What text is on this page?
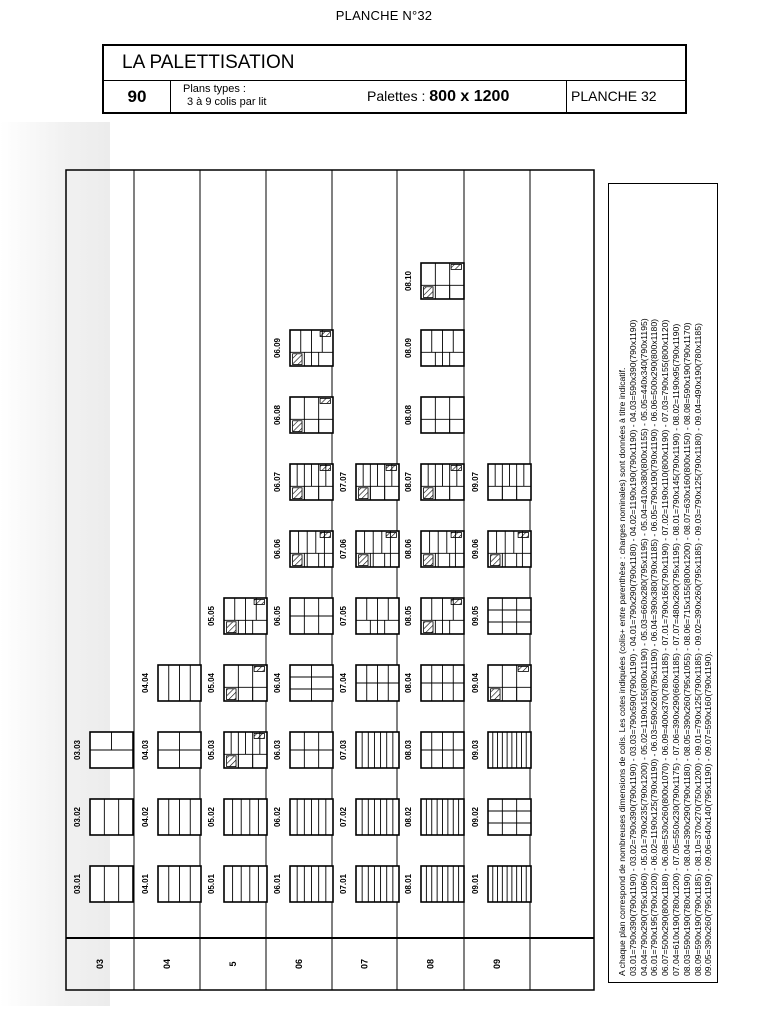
PLANCHE N°32
LA PALETTISATION
90	Plans types :
3 à 9 colis par lit	Palettes : 800 x 1200	PLANCHE 32
03	04	5	06	07	08	09
03.01
03.02
03.03
04.01
04.02
04.03
04.04
05.01
05.02
05.03
05.04
05.05
06.01
06.02
06.03
06.04
06.05
06.06
06.07
06.08
06.09
07.01
07.02
07.03
07.04
07.05
07.06
07.07
08.01
08.02
08.03
08.04
08.05
08.06
08.07
08.08
08.09
08.10
09.01
09.02
09.03
09.04
09.05
09.06
09.07	A chaque plan correspond de nombreuses dimensions de colis. Les cotes indiquées (colis+ entre parenthèse : charges nominales) sont données à titre indicatif. 03.01=790x390(790x1190) - 03.02=790x390(790x1190) - 03.03=790x590(790x1190) - 04.01=790x290(790x1180) - 04.02=1190x190(790x1190) - 04.03=590x390(790x1190) 04.04=790x290(795x1060) - 05.01=790x235(790x1200) - 05.02=1190x155(800x1190) - 05.03=660x280(795x1195) - 05.04=410x380(800x1155) - 05.05=440x340(790x1195) 06.01=790x195(790x1200) - 06.02=1190x125(790x1190) - 06.03=590x260(795x1190) - 06.04=390x380(790x1185) - 06.05=790x190(790x1190) - 06.06=500x290(800x1180) 06.07=500x290(800x1180) - 06.08=530x260(800x1070) - 06.09=400x370(780x1185) - 07.01=790x165(790x1190) - 07.02=1190x110(800x1190) - 07.03=790x155(800x1120) 07.04=610x190(780x1200) - 07.05=550x230(790x1175) - 07.06=390x290(660x1185) - 07.07=480x260(795x1195) - 08.01=790x145(790x1190) - 08.02=1190x95(790x1190) 08.03=590x190(780x1190) - 08.04=390x290(790x1180) - 08.05=390x260(795x1055) - 08.06=715x155(800x1200) - 08.07=630x160(800x1150) - 08.08=590x190(790x1170) 08.09=590x190(790x1185) - 08.10=370x270(750x1200) - 09.01=790x125(790x1185) - 09.02=390x260(795x1185) - 09.03=790x125(790x1180) - 09.04=490x190(780x1185) 09.05=390x260(795x1190) - 09.06=640x140(795x1190) - 09.07=590x160(790x1190).
